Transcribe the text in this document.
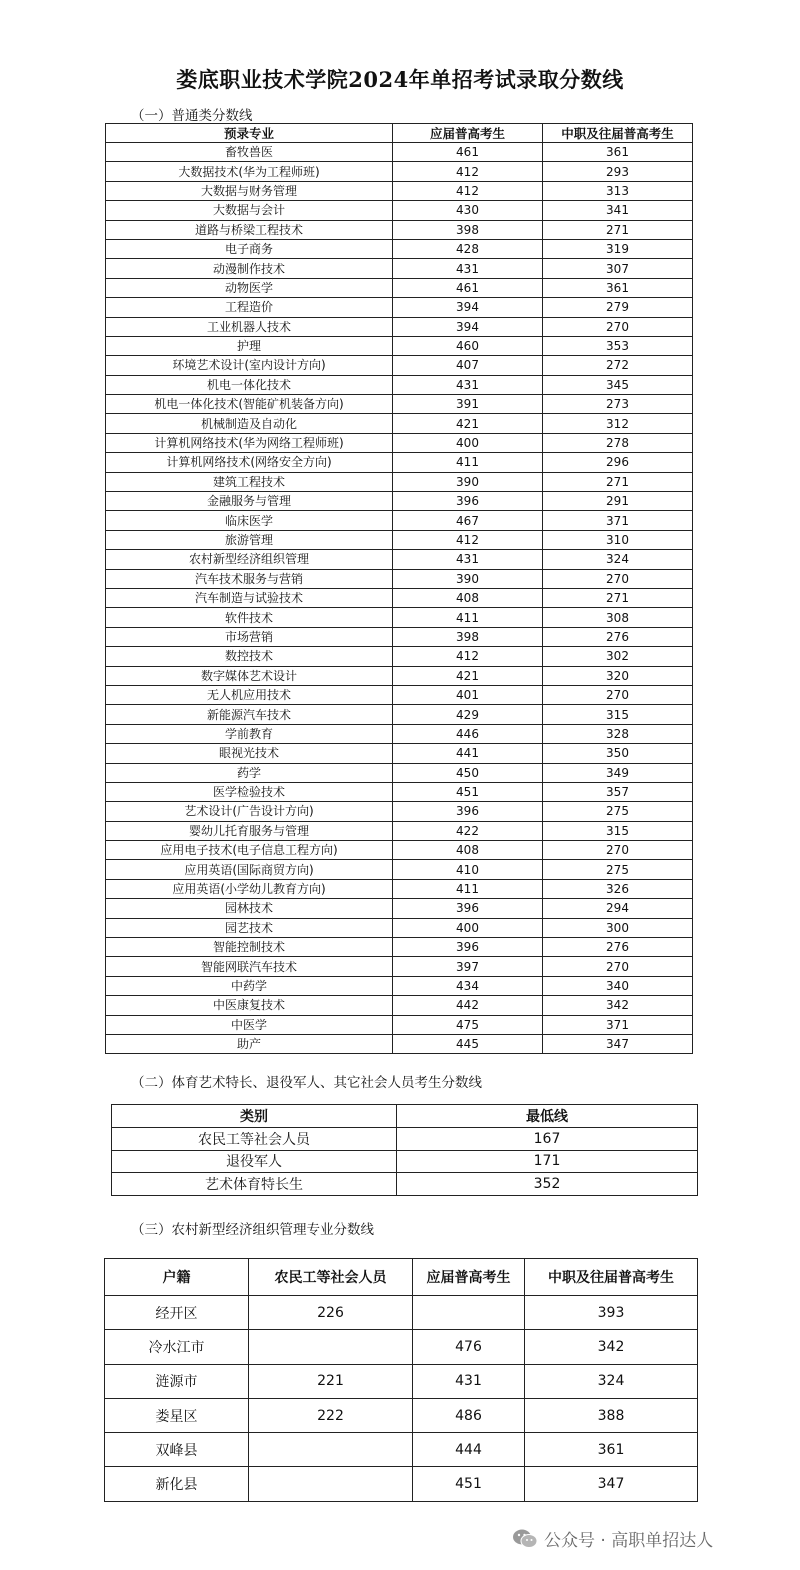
娄底职业技术学院2024年单招考试录取分数线
（一）普通类分数线
预录专业	应届普高考生	中职及往届普高考生
畜牧兽医	461	361
大数据技术(华为工程师班)	412	293
大数据与财务管理	412	313
大数据与会计	430	341
道路与桥梁工程技术	398	271
电子商务	428	319
动漫制作技术	431	307
动物医学	461	361
工程造价	394	279
工业机器人技术	394	270
护理	460	353
环境艺术设计(室内设计方向)	407	272
机电一体化技术	431	345
机电一体化技术(智能矿机装备方向)	391	273
机械制造及自动化	421	312
计算机网络技术(华为网络工程师班)	400	278
计算机网络技术(网络安全方向)	411	296
建筑工程技术	390	271
金融服务与管理	396	291
临床医学	467	371
旅游管理	412	310
农村新型经济组织管理	431	324
汽车技术服务与营销	390	270
汽车制造与试验技术	408	271
软件技术	411	308
市场营销	398	276
数控技术	412	302
数字媒体艺术设计	421	320
无人机应用技术	401	270
新能源汽车技术	429	315
学前教育	446	328
眼视光技术	441	350
药学	450	349
医学检验技术	451	357
艺术设计(广告设计方向)	396	275
婴幼儿托育服务与管理	422	315
应用电子技术(电子信息工程方向)	408	270
应用英语(国际商贸方向)	410	275
应用英语(小学幼儿教育方向)	411	326
园林技术	396	294
园艺技术	400	300
智能控制技术	396	276
智能网联汽车技术	397	270
中药学	434	340
中医康复技术	442	342
中医学	475	371
助产	445	347
（二）体育艺术特长、退役军人、其它社会人员考生分数线
类别	最低线
农民工等社会人员	167
退役军人	171
艺术体育特长生	352
（三）农村新型经济组织管理专业分数线
户籍	农民工等社会人员	应届普高考生	中职及往届普高考生
经开区	226		393
冷水江市		476	342
涟源市	221	431	324
娄星区	222	486	388
双峰县		444	361
新化县		451	347
公众号 · 高职单招达人
